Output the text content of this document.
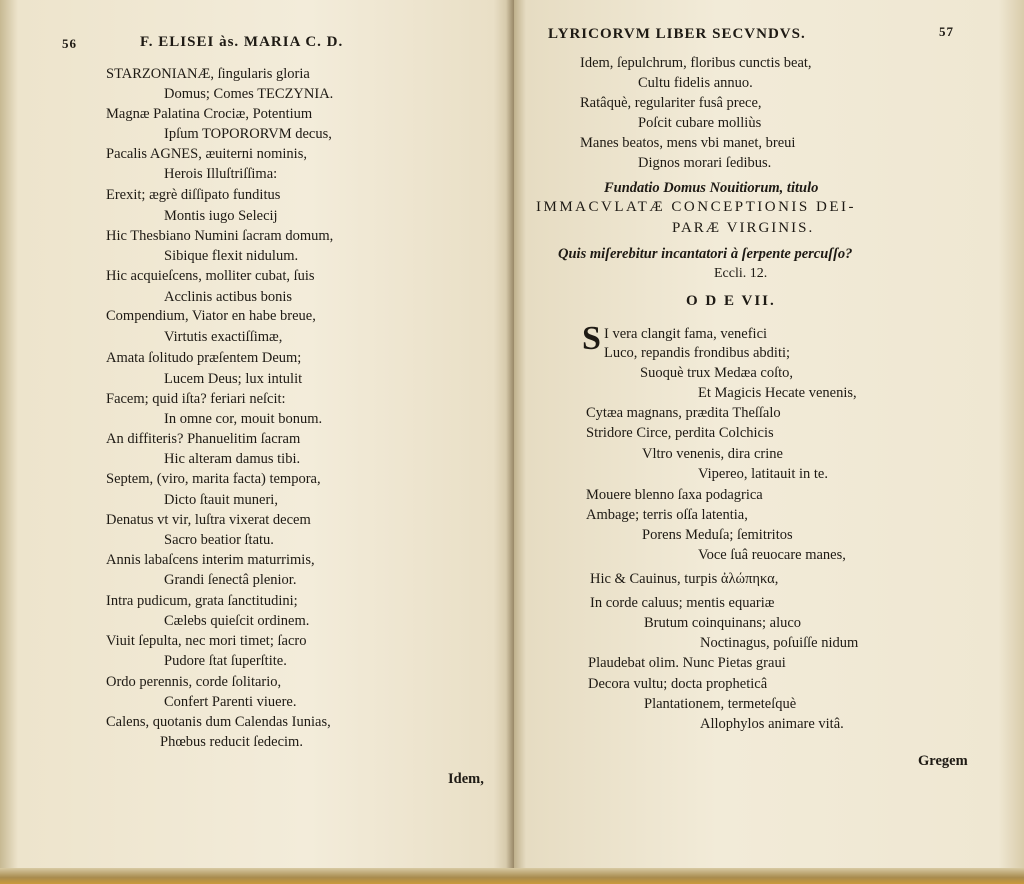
56	F. ELISEI às. MARIA C. D.
STARZONIANÆ, ſingularis gloria
Domus; Comes TECZYNIA.
Magnæ Palatina Crociæ, Potentium
Ipſum TOPORORVM decus,
Pacalis AGNES, æuiterni nominis,
Herois Illuſtriſſima:
Erexit; ægrè diſſipato funditus
Montis iugo Selecij
Hic Thesbiano Numini ſacram domum,
Sibique flexit nidulum.
Hic acquieſcens, molliter cubat, ſuis
Acclinis actibus bonis
Compendium, Viator en habe breue,
Virtutis exactiſſimæ,
Amata ſolitudo præſentem Deum;
Lucem Deus; lux intulit
Facem; quid iſta? feriari neſcit:
In omne cor, mouit bonum.
An diffiteris? Phanuelitim ſacram
Hic alteram damus tibi.
Septem, (viro, marita facta) tempora,
Dicto ſtauit muneri,
Denatus vt vir, luſtra vixerat decem
Sacro beatior ſtatu.
Annis labaſcens interim maturrimis,
Grandi ſenectâ plenior.
Intra pudicum, grata ſanctitudini;
Cælebs quieſcit ordinem.
Viuit ſepulta, nec mori timet; ſacro
Pudore ſtat ſuperſtite.
Ordo perennis, corde ſolitario,
Confert Parenti viuere.
Calens, quotanis dum Calendas Iunias,
Phœbus reducit ſedecim.
Idem,
LYRICORVM LIBER SECVNDVS.	57
Idem, ſepulchrum, floribus cunctis beat,
Cultu fidelis annuo.
Ratâquè, regulariter fusâ prece,
Poſcit cubare molliùs
Manes beatos, mens vbi manet, breui
Dignos morari ſedibus.
Fundatio Domus Nouitiorum, titulo
IMMACVLATÆ CONCEPTIONIS DEI-
PARÆ VIRGINIS.
Quis miſerebitur incantatori à ſerpente percuſſo?
Eccli. 12.
O D E VII.
S I vera clangit fama, venefici
Luco, repandis frondibus abditi;
Suoquè trux Medæa coſto,
Et Magicis Hecate venenis,
Cytæa magnans, prædita Theſſalo
Stridore Circe, perdita Colchicis
Vltro venenis, dira crine
Vipereo, latitauit in te.
Mouere blenno ſaxa podagrica
Ambage; terris oſſa latentia,
Porens Meduſa; ſemitritos
Voce ſuâ reuocare manes,
Hic & Cauinus, turpis ἀλώπηκα,
In corde caluus; mentis equariæ
Brutum coinquinans; aluco
Noctinagus, poſuiſſe nidum
Plaudebat olim. Nunc Pietas graui
Decora vultu; docta propheticâ
Plantationem, termeteſquè
Allophylos animare vitâ.
Gregem
